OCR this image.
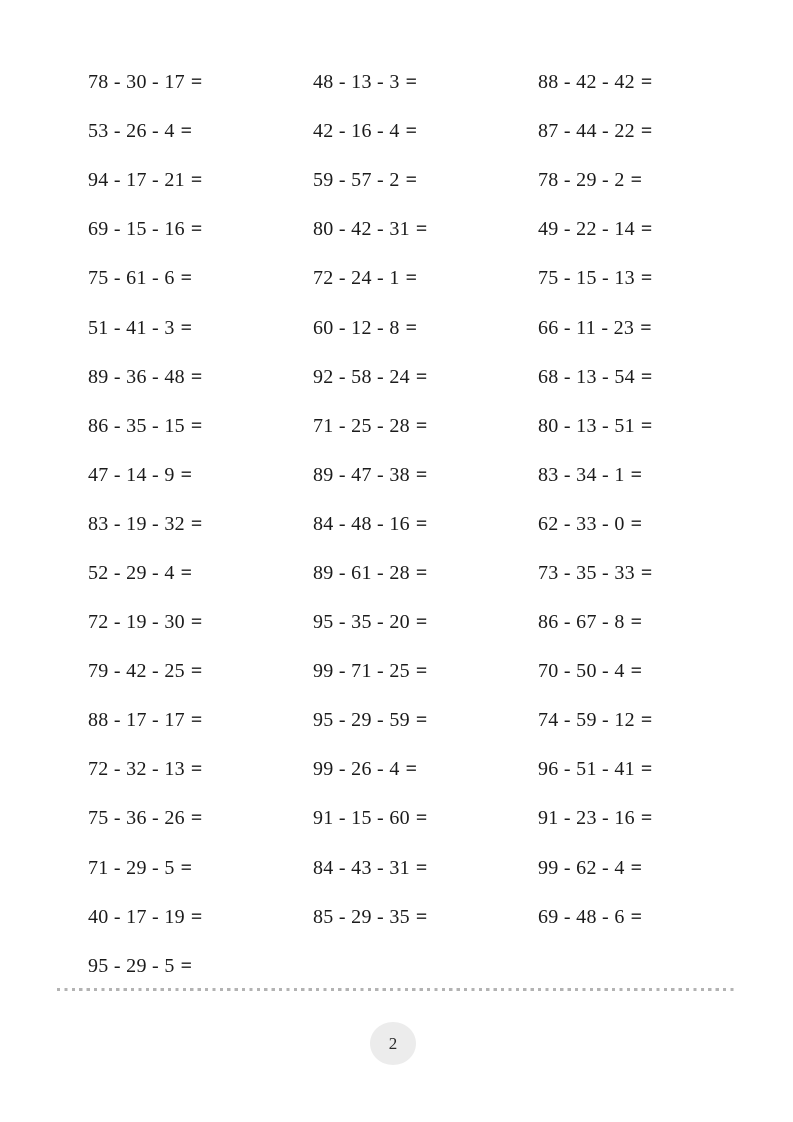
78 - 30 - 17 =
53 - 26 - 4 =
94 - 17 - 21 =
69 - 15 - 16 =
75 - 61 - 6 =
51 - 41 - 3 =
89 - 36 - 48 =
86 - 35 - 15 =
47 - 14 - 9 =
83 - 19 - 32 =
52 - 29 - 4 =
72 - 19 - 30 =
79 - 42 - 25 =
88 - 17 - 17 =
72 - 32 - 13 =
75 - 36 - 26 =
71 - 29 - 5 =
40 - 17 - 19 =
95 - 29 - 5 =
48 - 13 - 3 =
42 - 16 - 4 =
59 - 57 - 2 =
80 - 42 - 31 =
72 - 24 - 1 =
60 - 12 - 8 =
92 - 58 - 24 =
71 - 25 - 28 =
89 - 47 - 38 =
84 - 48 - 16 =
89 - 61 - 28 =
95 - 35 - 20 =
99 - 71 - 25 =
95 - 29 - 59 =
99 - 26 - 4 =
91 - 15 - 60 =
84 - 43 - 31 =
85 - 29 - 35 =
88 - 42 - 42 =
87 - 44 - 22 =
78 - 29 - 2 =
49 - 22 - 14 =
75 - 15 - 13 =
66 - 11 - 23 =
68 - 13 - 54 =
80 - 13 - 51 =
83 - 34 - 1 =
62 - 33 - 0 =
73 - 35 - 33 =
86 - 67 - 8 =
70 - 50 - 4 =
74 - 59 - 12 =
96 - 51 - 41 =
91 - 23 - 16 =
99 - 62 - 4 =
69 - 48 - 6 =
2
